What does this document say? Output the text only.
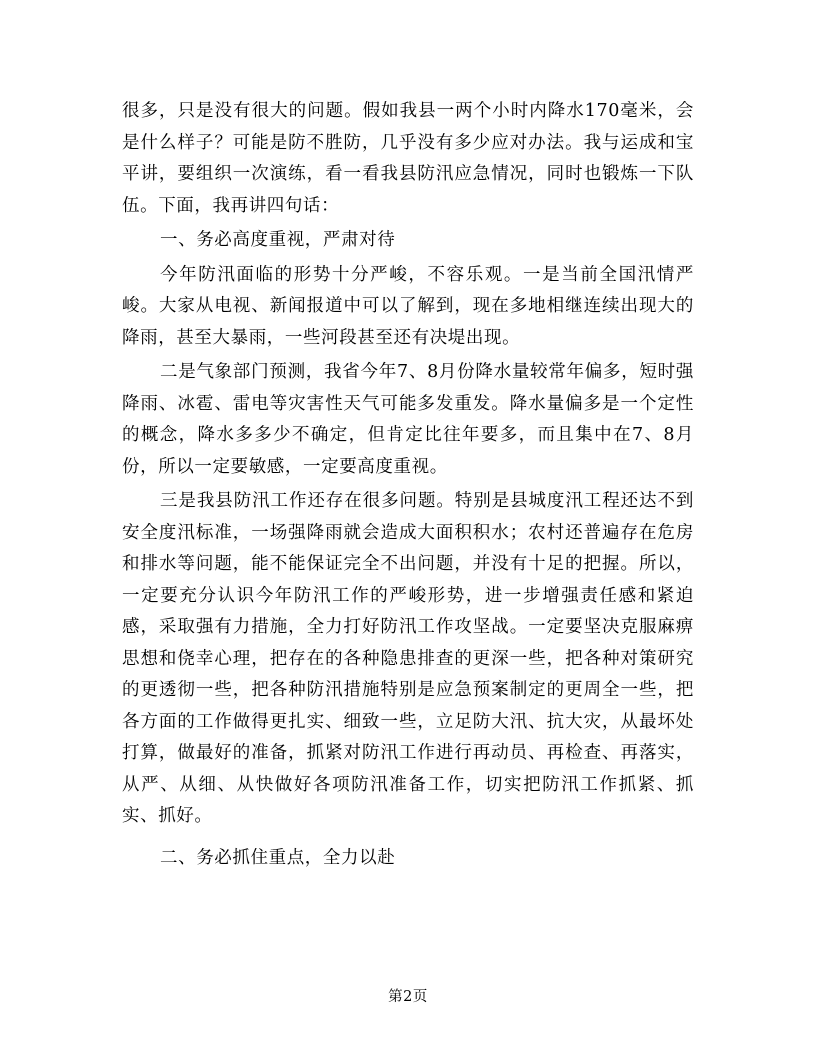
很多，只是没有很大的问题。假如我县一两个小时内降水170毫米，会是什么样子？可能是防不胜防，几乎没有多少应对办法。我与运成和宝平讲，要组织一次演练，看一看我县防汛应急情况，同时也锻炼一下队伍。下面，我再讲四句话：

一、务必高度重视，严肃对待

今年防汛面临的形势十分严峻，不容乐观。一是当前全国汛情严峻。大家从电视、新闻报道中可以了解到，现在多地相继连续出现大的降雨，甚至大暴雨，一些河段甚至还有决堤出现。

二是气象部门预测，我省今年7、8月份降水量较常年偏多，短时强降雨、冰雹、雷电等灾害性天气可能多发重发。降水量偏多是一个定性的概念，降水多多少不确定，但肯定比往年要多，而且集中在7、8月份，所以一定要敏感，一定要高度重视。

三是我县防汛工作还存在很多问题。特别是县城度汛工程还达不到安全度汛标准，一场强降雨就会造成大面积积水；农村还普遍存在危房和排水等问题，能不能保证完全不出问题，并没有十足的把握。所以，一定要充分认识今年防汛工作的严峻形势，进一步增强责任感和紧迫感，采取强有力措施，全力打好防汛工作攻坚战。一定要坚决克服麻痹思想和侥幸心理，把存在的各种隐患排查的更深一些，把各种对策研究的更透彻一些，把各种防汛措施特别是应急预案制定的更周全一些，把各方面的工作做得更扎实、细致一些，立足防大汛、抗大灾，从最坏处打算，做最好的准备，抓紧对防汛工作进行再动员、再检查、再落实，从严、从细、从快做好各项防汛准备工作，切实把防汛工作抓紧、抓实、抓好。

二、务必抓住重点，全力以赴

第2页
